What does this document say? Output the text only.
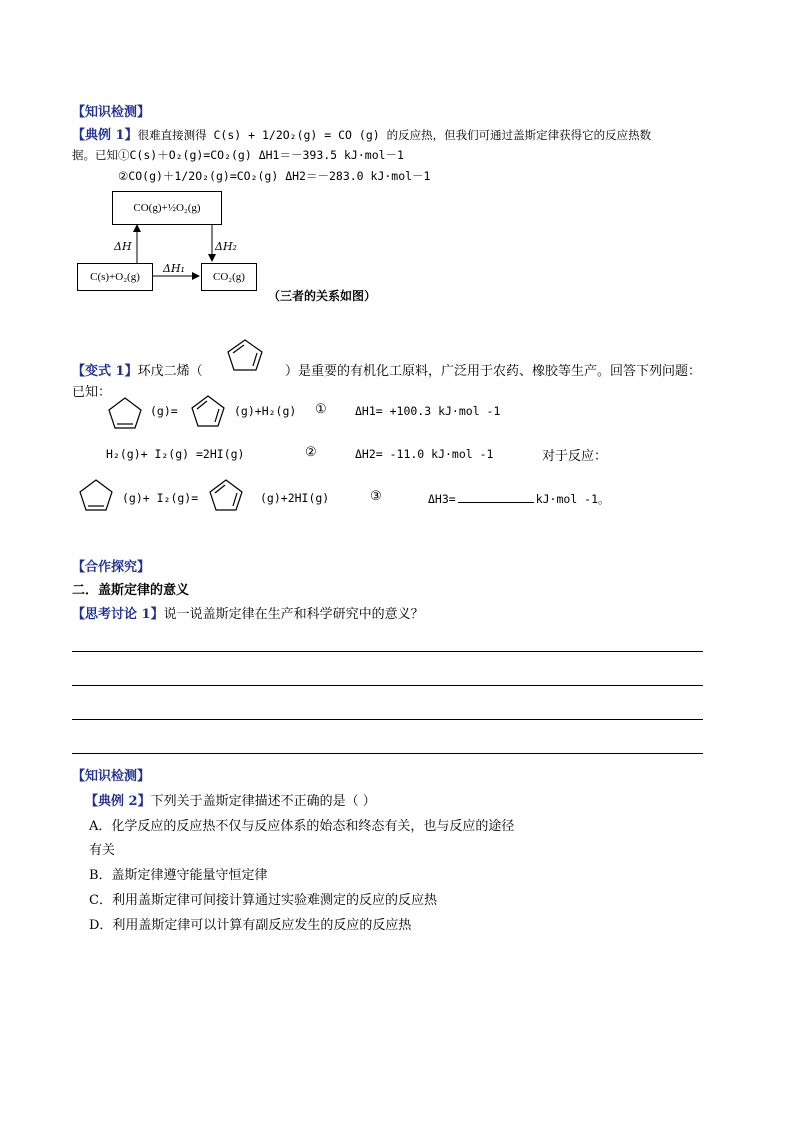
【知识检测】
【典例 1】很难直接测得 C(s) + 1/2O₂(g) = CO (g) 的反应热，但我们可通过盖斯定律获得它的反应热数
据。已知①C(s)＋O₂(g)=CO₂(g) ΔH1＝－393.5 kJ·mol－1
②CO(g)＋1/2O₂(g)=CO₂(g) ΔH2＝－283.0 kJ·mol－1
CO(g)+½O₂(g)
C(s)+O₂(g)	CO₂(g)
ΔH	ΔH₂
ΔH₁
（三者的关系如图）
【变式 1】环戊二烯（	）是重要的有机化工原料，广泛用于农药、橡胶等生产。回答下列问题：
已知：
(g)=	(g)+H₂(g) ① ΔH1= +100.3 kJ·mol -1
H₂(g)+ I₂(g) =2HI(g)	②	ΔH2= -11.0 kJ·mol -1	对于反应：
(g)+ I₂(g)=	(g)+2HI(g)	③	ΔH3=	kJ·mol -1。
【合作探究】
二．盖斯定律的意义
【思考讨论 1】说一说盖斯定律在生产和科学研究中的意义？
【知识检测】
【典例 2】下列关于盖斯定律描述不正确的是（ ）
A．化学反应的反应热不仅与反应体系的始态和终态有关，也与反应的途径
有关
B．盖斯定律遵守能量守恒定律
C．利用盖斯定律可间接计算通过实验难测定的反应的反应热
D．利用盖斯定律可以计算有副反应发生的反应的反应热
